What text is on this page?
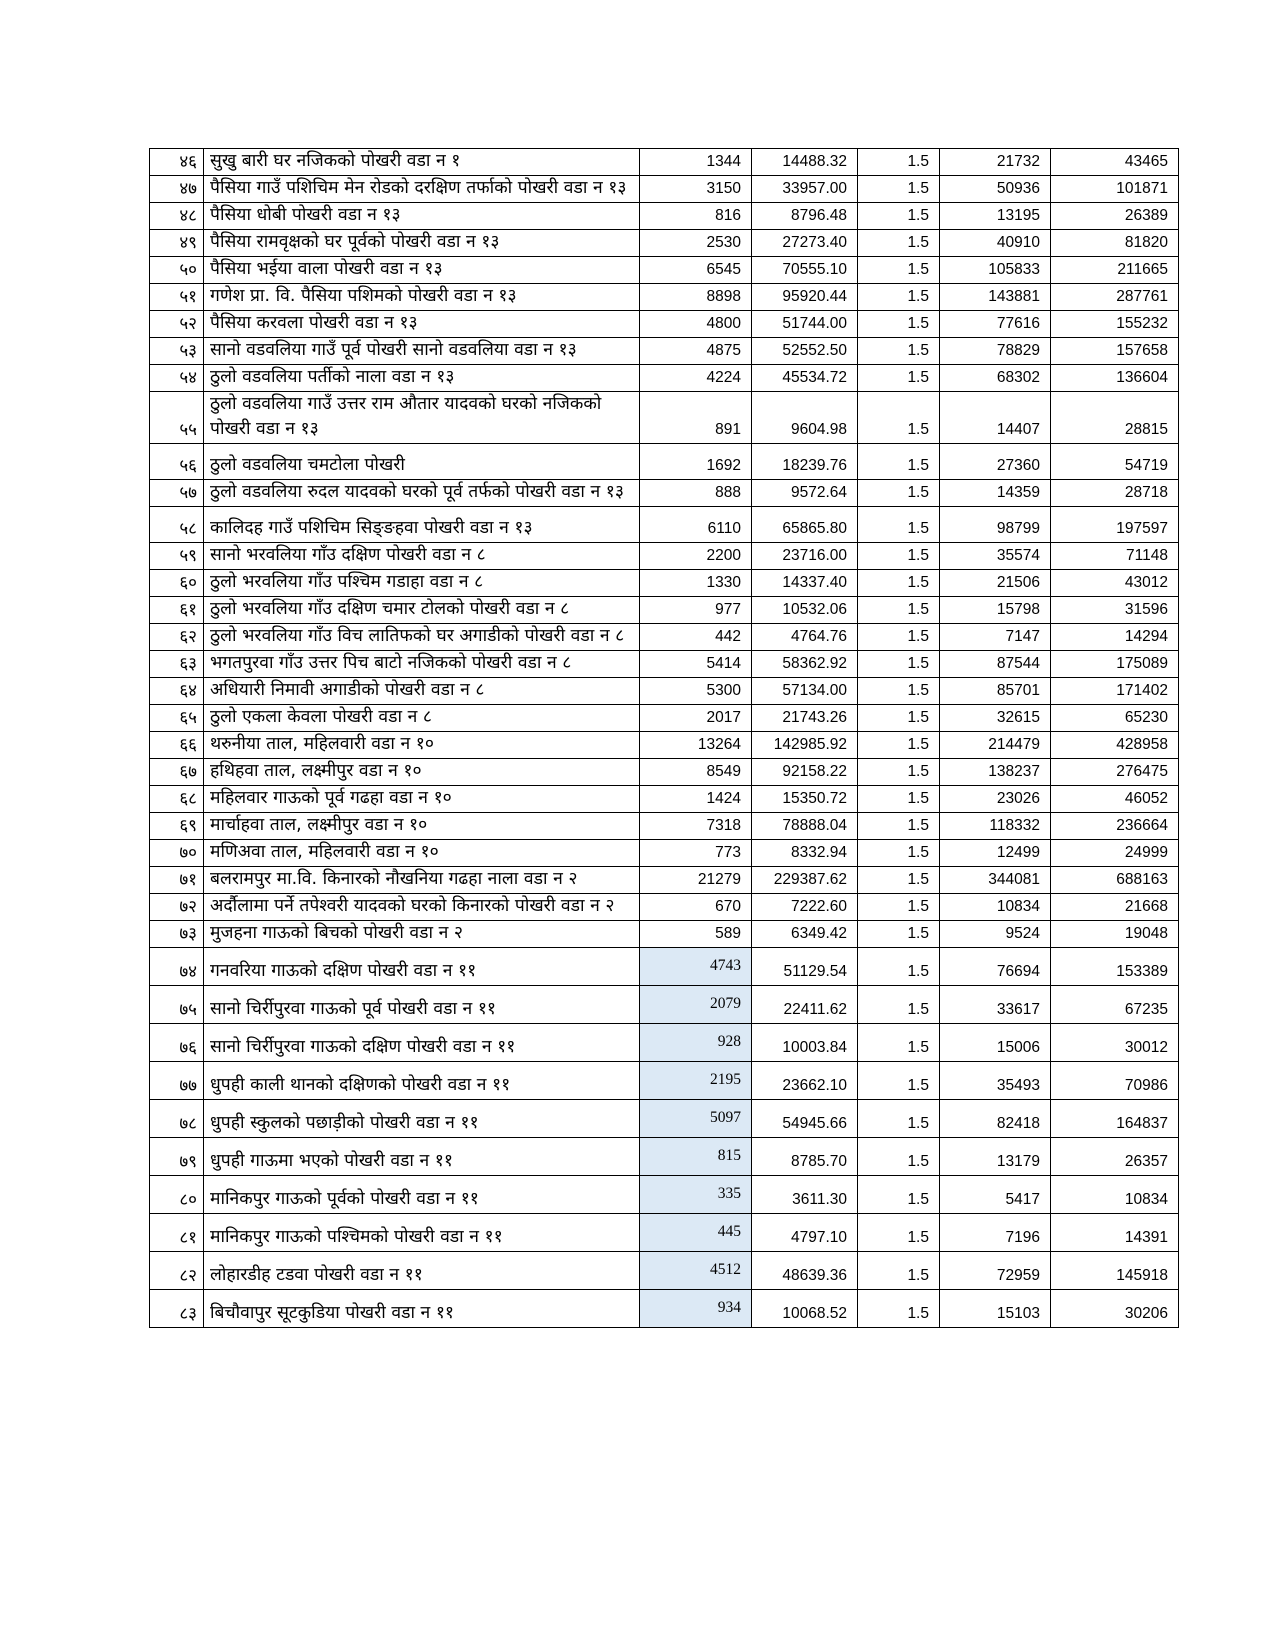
४६	सुखु बारी घर नजिकको पोखरी वडा न १	1344	14488.32	1.5	21732	43465
४७	पैसिया गाउँ पशिचिम मेन रोडको दरक्षिण तर्फाको पोखरी वडा न १३	3150	33957.00	1.5	50936	101871
४८	पैसिया धोबी पोखरी वडा न १३	816	8796.48	1.5	13195	26389
४९	पैसिया रामवृक्षको घर पूर्वको पोखरी वडा न १३	2530	27273.40	1.5	40910	81820
५०	पैसिया भईया वाला पोखरी वडा न १३	6545	70555.10	1.5	105833	211665
५१	गणेश प्रा. वि. पैसिया पशिमको पोखरी वडा न १३	8898	95920.44	1.5	143881	287761
५२	पैसिया करवला पोखरी वडा न १३	4800	51744.00	1.5	77616	155232
५३	सानो वडवलिया गाउँ पूर्व पोखरी सानो वडवलिया वडा न १३	4875	52552.50	1.5	78829	157658
५४	ठुलो वडवलिया पर्तीको नाला वडा न १३	4224	45534.72	1.5	68302	136604
५५	ठुलो वडवलिया गाउँ उत्तर राम औतार यादवको घरको नजिकको पोखरी वडा न १३	891	9604.98	1.5	14407	28815
५६	ठुलो वडवलिया चमटोला पोखरी	1692	18239.76	1.5	27360	54719
५७	ठुलो वडवलिया रुदल यादवको घरको पूर्व तर्फको पोखरी वडा न १३	888	9572.64	1.5	14359	28718
५८	कालिदह गाउँ पशिचिम सिङ्ङहवा पोखरी वडा न १३	6110	65865.80	1.5	98799	197597
५९	सानो भरवलिया गाँउ दक्षिण पोखरी वडा न ८	2200	23716.00	1.5	35574	71148
६०	ठुलो भरवलिया गाँउ पश्चिम गडाहा वडा न ८	1330	14337.40	1.5	21506	43012
६१	ठुलो भरवलिया गाँउ दक्षिण चमार टोलको पोखरी वडा न ८	977	10532.06	1.5	15798	31596
६२	ठुलो भरवलिया गाँउ विच लातिफको घर अगाडीको पोखरी वडा न ८	442	4764.76	1.5	7147	14294
६३	भगतपुरवा गाँउ उत्तर पिच बाटो नजिकको पोखरी वडा न ८	5414	58362.92	1.5	87544	175089
६४	अधियारी निमावी अगाडीको पोखरी वडा न ८	5300	57134.00	1.5	85701	171402
६५	ठुलो एकला केवला पोखरी वडा न ८	2017	21743.26	1.5	32615	65230
६६	थरुनीया ताल, महिलवारी वडा न १०	13264	142985.92	1.5	214479	428958
६७	हथिहवा ताल, लक्ष्मीपुर वडा न १०	8549	92158.22	1.5	138237	276475
६८	महिलवार गाऊको पूर्व गढहा वडा न १०	1424	15350.72	1.5	23026	46052
६९	मार्चाहवा ताल, लक्ष्मीपुर वडा न १०	7318	78888.04	1.5	118332	236664
७०	मणिअवा ताल, महिलवारी वडा न १०	773	8332.94	1.5	12499	24999
७१	बलरामपुर मा.वि. किनारको नौखनिया गढहा नाला वडा न २	21279	229387.62	1.5	344081	688163
७२	अर्दौलामा पर्ने तपेश्वरी यादवको घरको किनारको पोखरी वडा न २	670	7222.60	1.5	10834	21668
७३	मुजहना गाऊको बिचको पोखरी वडा न २	589	6349.42	1.5	9524	19048
७४	गनवरिया गाऊको दक्षिण पोखरी वडा न ११	4743	51129.54	1.5	76694	153389
७५	सानो चिर्रीपुरवा गाऊको पूर्व पोखरी वडा न ११	2079	22411.62	1.5	33617	67235
७६	सानो चिर्रीपुरवा गाऊको दक्षिण पोखरी वडा न ११	928	10003.84	1.5	15006	30012
७७	धुपही काली थानको दक्षिणको पोखरी वडा न ११	2195	23662.10	1.5	35493	70986
७८	धुपही स्कुलको पछाड़ीको पोखरी वडा न ११	5097	54945.66	1.5	82418	164837
७९	धुपही गाऊमा भएको पोखरी वडा न ११	815	8785.70	1.5	13179	26357
८०	मानिकपुर गाऊको पूर्वको पोखरी वडा न ११	335	3611.30	1.5	5417	10834
८१	मानिकपुर गाऊको पश्चिमको पोखरी वडा न ११	445	4797.10	1.5	7196	14391
८२	लोहारडीह टडवा पोखरी वडा न ११	4512	48639.36	1.5	72959	145918
८३	बिचौवापुर सूटकुडिया पोखरी वडा न ११	934	10068.52	1.5	15103	30206
